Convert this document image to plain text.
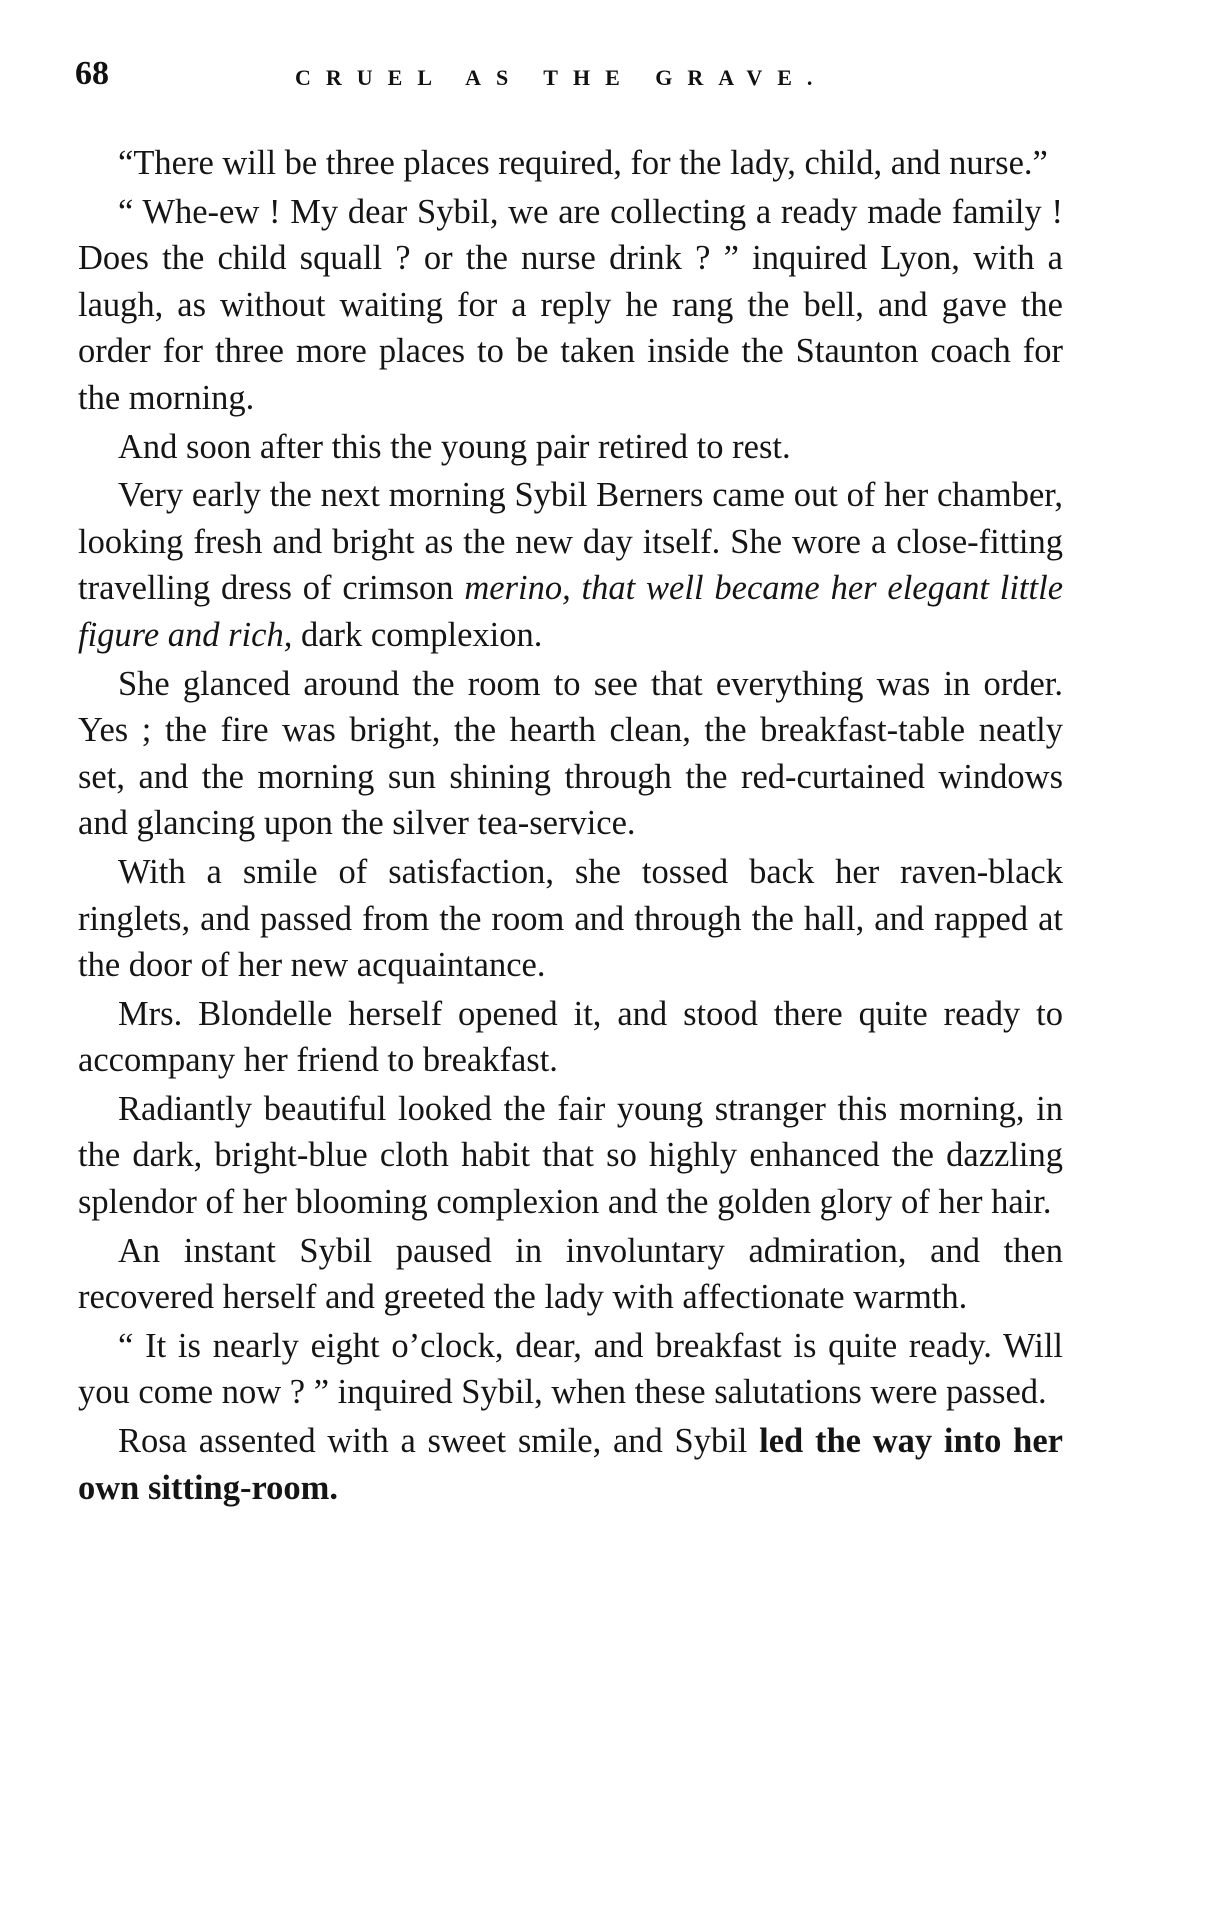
68	CRUEL AS THE GRAVE.

“There will be three places required, for the lady, child, and nurse.”

“ Whe-ew ! My dear Sybil, we are collecting a ready made family ! Does the child squall ? or the nurse drink ? ” inquired Lyon, with a laugh, as without waiting for a reply he rang the bell, and gave the order for three more places to be taken inside the Staunton coach for the morning.

And soon after this the young pair retired to rest.

Very early the next morning Sybil Berners came out of her chamber, looking fresh and bright as the new day itself. She wore a close-fitting travelling dress of crimson merino, that well became her elegant little figure and rich, dark complexion.

She glanced around the room to see that everything was in order. Yes ; the fire was bright, the hearth clean, the breakfast-table neatly set, and the morning sun shining through the red-curtained windows and glancing upon the silver tea-service.

With a smile of satisfaction, she tossed back her raven-black ringlets, and passed from the room and through the hall, and rapped at the door of her new acquaintance.

Mrs. Blondelle herself opened it, and stood there quite ready to accompany her friend to breakfast.

Radiantly beautiful looked the fair young stranger this morning, in the dark, bright-blue cloth habit that so highly enhanced the dazzling splendor of her blooming complexion and the golden glory of her hair.

An instant Sybil paused in involuntary admiration, and then recovered herself and greeted the lady with affectionate warmth.

“ It is nearly eight o’clock, dear, and breakfast is quite ready. Will you come now ? ” inquired Sybil, when these salutations were passed.

Rosa assented with a sweet smile, and Sybil led the way into her own sitting-room.
